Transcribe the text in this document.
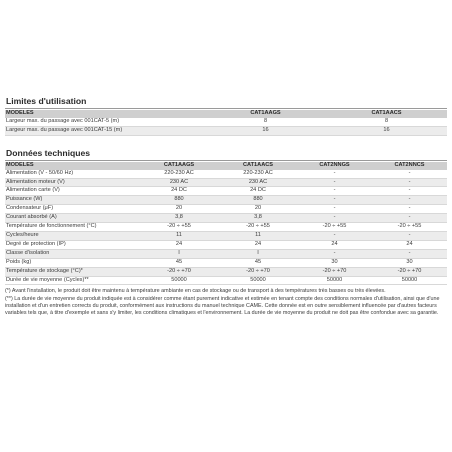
Limites d'utilisation
MODÈLES	CAT1AAGS	CAT1AACS
Largeur max. du passage avec 001CAT-5 (m)	8	8
Largeur max. du passage avec 001CAT-15 (m)	16	16
Données techniques
MODÈLES	CAT1AAGS	CAT1AACS	CAT2NNGS	CAT2NNCS
Alimentation (V - 50/60 Hz)	220-230 AC	220-230 AC	-	-
Alimentation moteur (V)	230 AC	230 AC	-	-
Alimentation carte (V)	24 DC	24 DC	-	-
Puissance (W)	880	880	-	-
Condensateur (μF)	20	20	-	-
Courant absorbé (A)	3,8	3,8	-	-
Température de fonctionnement (°C)	-20 ÷ +55	-20 ÷ +55	-20 ÷ +55	-20 ÷ +55
Cycles/heure	11	11	-	-
Degré de protection (IP)	24	24	24	24
Classe d'isolation	I	I	-	-
Poids (kg)	45	45	30	30
Température de stockage (°C)*	-20 ÷ +70	-20 ÷ +70	-20 ÷ +70	-20 ÷ +70
Durée de vie moyenne (Cycles)**	50000	50000	50000	50000

(*) Avant l'installation, le produit doit être maintenu à température ambiante en cas de stockage ou de transport à des températures très basses ou très élevées.

(**) La durée de vie moyenne du produit indiquée est à considérer comme étant purement indicative et estimée en tenant compte des conditions normales d'utilisation, ainsi que d'une installation et d'un entretien corrects du produit, conformément aux instructions du manuel technique CAME. Cette donnée est en outre sensiblement influencée par d'autres facteurs variables tels que, à titre d'exemple et sans s'y limiter, les conditions climatiques et l'environnement. La durée de vie moyenne du produit ne doit pas être confondue avec sa garantie.
